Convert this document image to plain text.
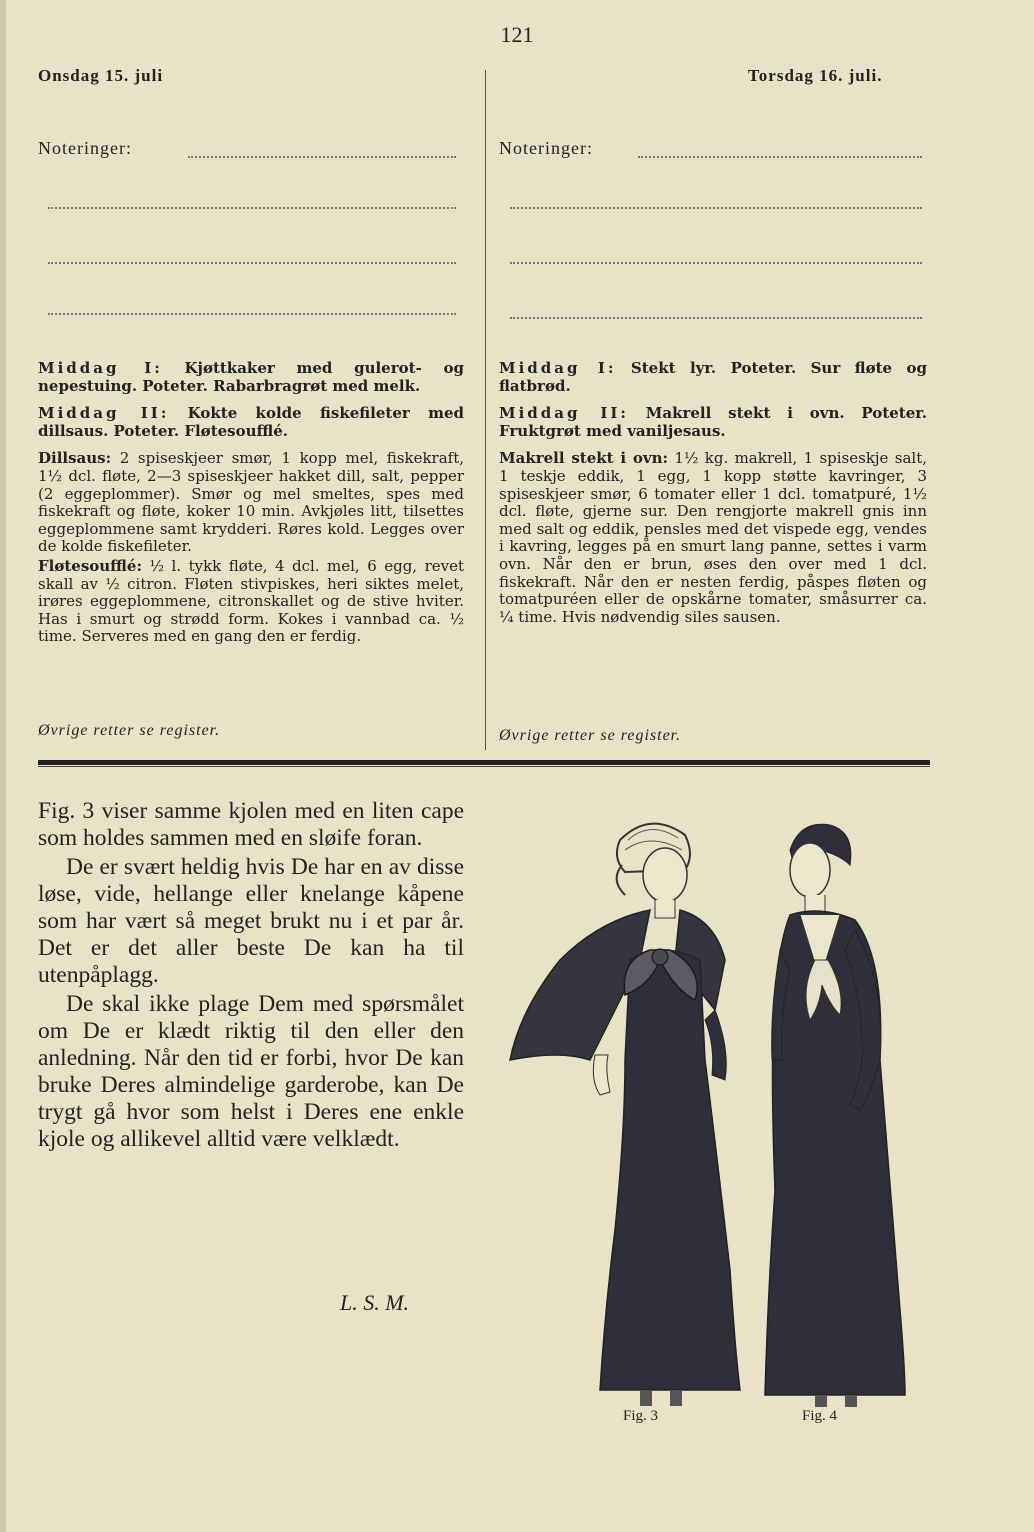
121
Onsdag 15. juli	Torsdag 16. juli.
Noteringer:	Noteringer:

Middag I: Kjøttkaker med gulerot- og nepestuing. Poteter. Rabarbragrøt med melk.

Middag II: Kokte kolde fiskefileter med dillsaus. Poteter. Fløtesoufflé.

Dillsaus: 2 spiseskjeer smør, 1 kopp mel, fiskekraft, 1½ dcl. fløte, 2—3 spiseskjeer hakket dill, salt, pepper (2 eggeplommer). Smør og mel smeltes, spes med fiskekraft og fløte, koker 10 min. Avkjøles litt, tilsettes eggeplommene samt krydderi. Røres kold. Legges over de kolde fiskefileter.

Fløtesoufflé: ½ l. tykk fløte, 4 dcl. mel, 6 egg, revet skall av ½ citron. Fløten stivpiskes, heri siktes melet, irøres eggeplommene, citronskallet og de stive hviter. Has i smurt og strødd form. Kokes i vannbad ca. ½ time. Serveres med en gang den er ferdig.

Øvrige retter se register.

Middag I: Stekt lyr. Poteter. Sur fløte og flatbrød.

Middag II: Makrell stekt i ovn. Poteter. Fruktgrøt med vaniljesaus.

Makrell stekt i ovn: 1½ kg. makrell, 1 spiseskje salt, 1 teskje eddik, 1 egg, 1 kopp støtte kavringer, 3 spiseskjeer smør, 6 tomater eller 1 dcl. tomatpuré, 1½ dcl. fløte, gjerne sur. Den rengjorte makrell gnis inn med salt og eddik, pensles med det vispede egg, vendes i kavring, legges på en smurt lang panne, settes i varm ovn. Når den er brun, øses den over med 1 dcl. fiskekraft. Når den er nesten ferdig, påspes fløten og tomatpuréen eller de opskårne tomater, småsurrer ca. ¼ time. Hvis nødvendig siles sausen.

Øvrige retter se register.

Fig. 3 viser samme kjolen med en liten cape som holdes sammen med en sløife foran.

De er svært heldig hvis De har en av disse løse, vide, hellange eller knelange kåpene som har vært så meget brukt nu i et par år. Det er det aller beste De kan ha til utenpåplagg.

De skal ikke plage Dem med spørsmålet om De er klædt riktig til den eller den anledning. Når den tid er forbi, hvor De kan bruke Deres almindelige garderobe, kan De trygt gå hvor som helst i Deres ene enkle kjole og allikevel alltid være velklædt.

L. S. M.
Fig. 3	Fig. 4
